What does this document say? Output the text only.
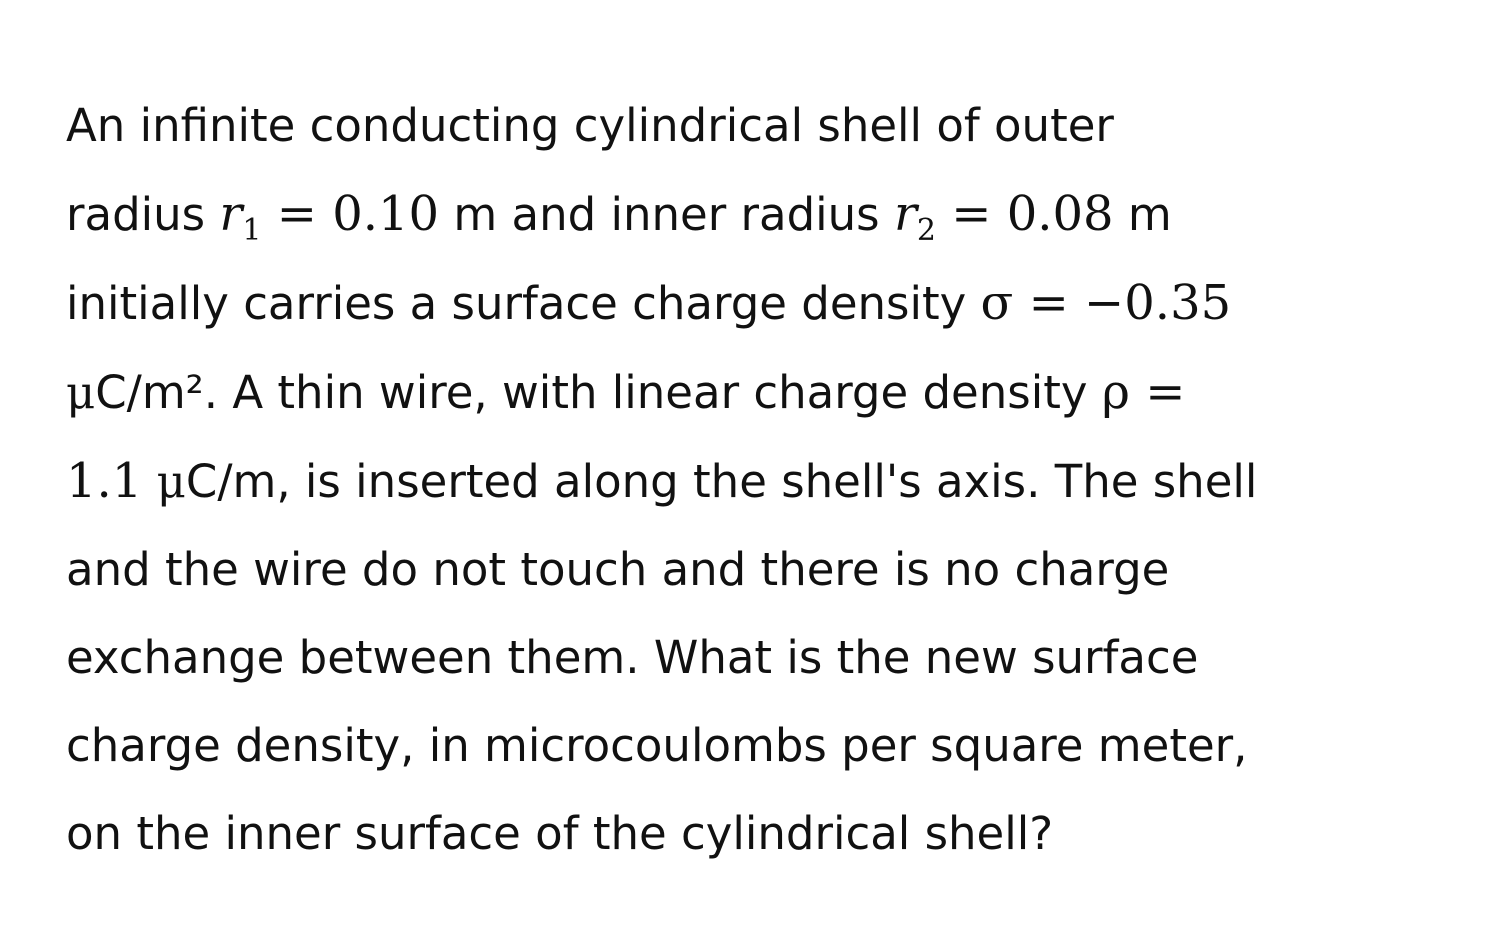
An infinite conducting cylindrical shell of outer
radius $r_1 = 0.10$ m and inner radius $r_2 = 0.08$ m
initially carries a surface charge density σ = −0.35
μC/m². A thin wire, with linear charge density ρ =
1.1 μC/m, is inserted along the shell's axis. The shell
and the wire do not touch and there is no charge
exchange between them. What is the new surface
charge density, in microcoulombs per square meter,
on the inner surface of the cylindrical shell?
